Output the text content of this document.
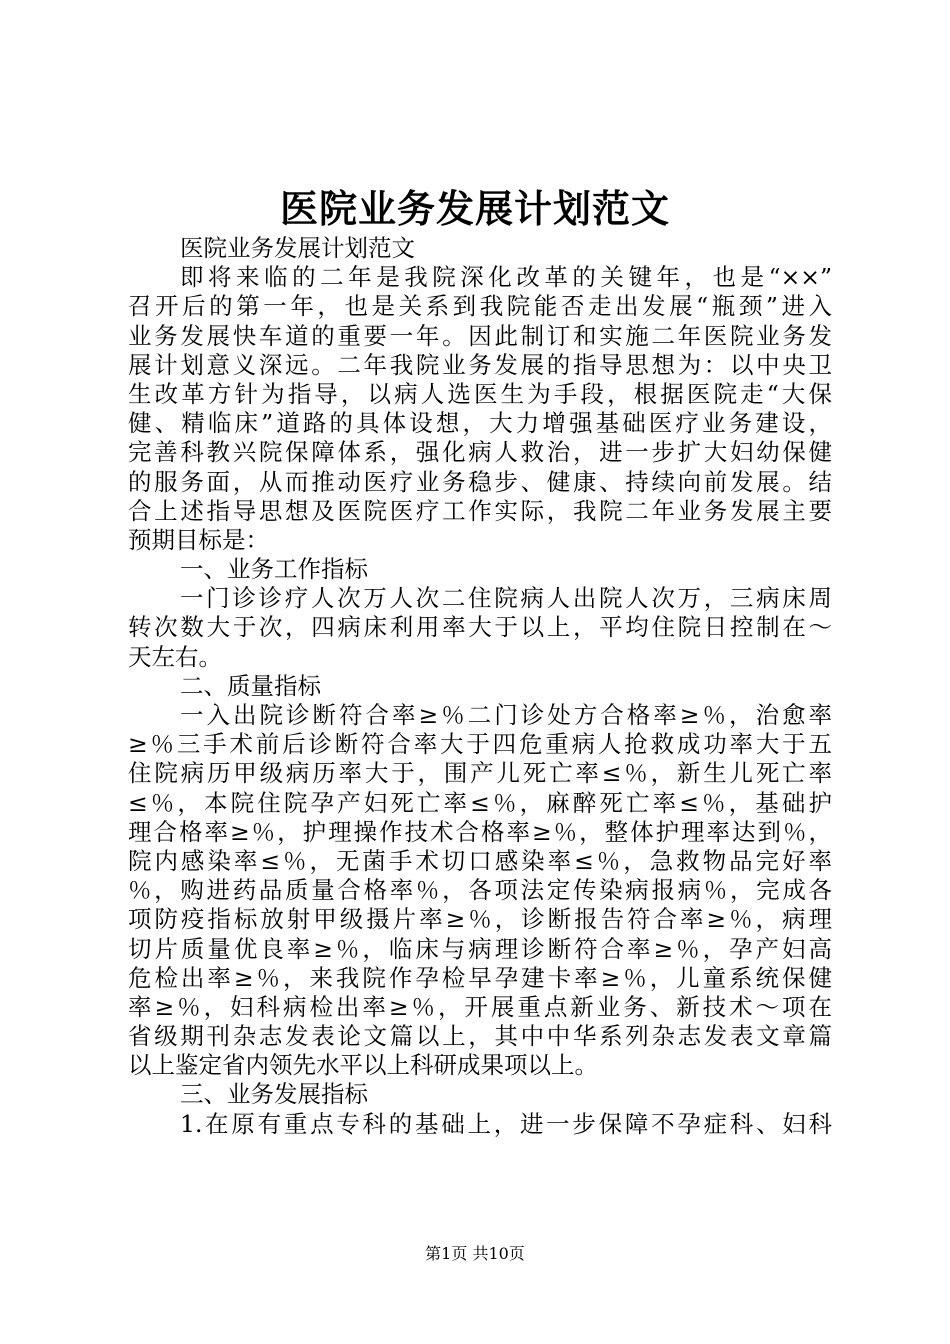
医院业务发展计划范文
医院业务发展计划范文
即将来临的二年是我院深化改革的关键年，也是“××”
召开后的第一年，也是关系到我院能否走出发展“瓶颈”进入
业务发展快车道的重要一年。因此制订和实施二年医院业务发
展计划意义深远。二年我院业务发展的指导思想为：以中央卫
生改革方针为指导，以病人选医生为手段，根据医院走“大保
健、精临床”道路的具体设想，大力增强基础医疗业务建设，
完善科教兴院保障体系，强化病人救治，进一步扩大妇幼保健
的服务面，从而推动医疗业务稳步、健康、持续向前发展。结
合上述指导思想及医院医疗工作实际，我院二年业务发展主要
预期目标是：
一、业务工作指标
一门诊诊疗人次万人次二住院病人出院人次万，三病床周
转次数大于次，四病床利用率大于以上，平均住院日控制在～
天左右。
二、质量指标
一入出院诊断符合率≥％二门诊处方合格率≥％，治愈率
≥％三手术前后诊断符合率大于四危重病人抢救成功率大于五
住院病历甲级病历率大于，围产儿死亡率≤％，新生儿死亡率
≤％，本院住院孕产妇死亡率≤％，麻醉死亡率≤％，基础护
理合格率≥％，护理操作技术合格率≥％，整体护理率达到％，
院内感染率≤％，无菌手术切口感染率≤％，急救物品完好率
％，购进药品质量合格率％，各项法定传染病报病％，完成各
项防疫指标放射甲级摄片率≥％，诊断报告符合率≥％，病理
切片质量优良率≥％，临床与病理诊断符合率≥％，孕产妇高
危检出率≥％，来我院作孕检早孕建卡率≥％，儿童系统保健
率≥％，妇科病检出率≥％，开展重点新业务、新技术～项在
省级期刊杂志发表论文篇以上，其中中华系列杂志发表文章篇
以上鉴定省内领先水平以上科研成果项以上。
三、业务发展指标
1.在原有重点专科的基础上，进一步保障不孕症科、妇科
第1页 共10页
